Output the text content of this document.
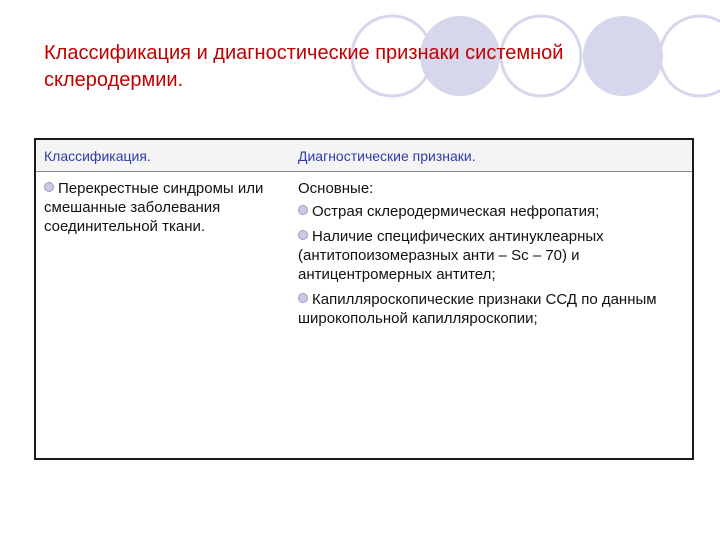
Классификация и диагностические признаки системной
склеродермии.
Классификация.	Диагностические признаки.
Перекрестные синдромы или смешанные заболевания соединительной ткани.
Основные:
Острая склеродермическая нефропатия;
Наличие специфических антинуклеарных (антитопоизомеразных анти – Sc – 70) и антицентромерных антител;
Капилляроскопические признаки ССД по данным широкопольной капилляроскопии;
